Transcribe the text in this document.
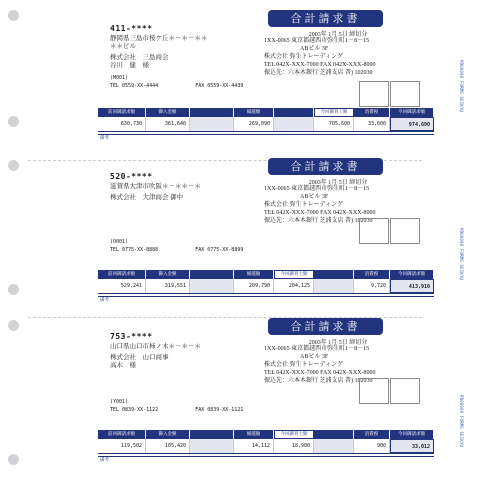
PD00000 FORMS SEIKYU
PD00000 FORMS SEIKYU
PD00000 FORMS SEIKYU
合計請求書
2003年 1月 5日 締切分
1XX-0065 東京都越西市弥生町1－8－15
　　　　　　ABビル 3F
株式会社 弥生トレーディング
TEL 042X-XXX-7000 FAX 042X-XXX-8000
振込先：六本木銀行 芝浦支店 普) 102030
411-****
静岡県三島市桜ケ丘＊－＊－＊＊
＊＊ビル
株式会社　三島商会
谷川　健　様
(M001)
TEL 0559-XX-4444	FAX 0559-XX-4439
前回御請求額	御入金額	繰越額	今回御買上額	消費税	今回御請求額
630,730	361,640	269,090	705,600	33,600	974,690
備考
合計請求書
2003年 1月 5日 締切分
1XX-0065 東京都越西市弥生町1－8－15
　　　　　　ABビル 3F
株式会社 弥生トレーディング
TEL 042X-XXX-7000 FAX 042X-XXX-8000
振込先：六本木銀行 芝浦支店 普) 102030
520-****
滋賀県大津市吹阪＊－＊＊－＊
株式会社　大津商会 御中
(O001)
TEL 0775-XX-8888	FAX 0775-XX-8899
前回御請求額	御入金額	繰越額	今回御買上額	消費税	今回御請求額
529,241	319,551	209,790	204,125	9,720	413,910
備考
合計請求書
2003年 1月 5日 締切分
1XX-0065 東京都越西市弥生町1－8－15
　　　　　　ABビル 3F
株式会社 弥生トレーディング
TEL 042X-XXX-7000 FAX 042X-XXX-8000
振込先：六本木銀行 芝浦支店 普) 102030
753-****
山口県山口市柿ノ木＊－＊－＊
株式会社　山口商事
高木　様
(Y001)
TEL 0839-XX-1122	FAX 0839-XX-1121
前回御請求額	御入金額	繰越額	今回御買上額	消費税	今回御請求額
119,502	105,420	14,112	18,900	900	33,012
備考
